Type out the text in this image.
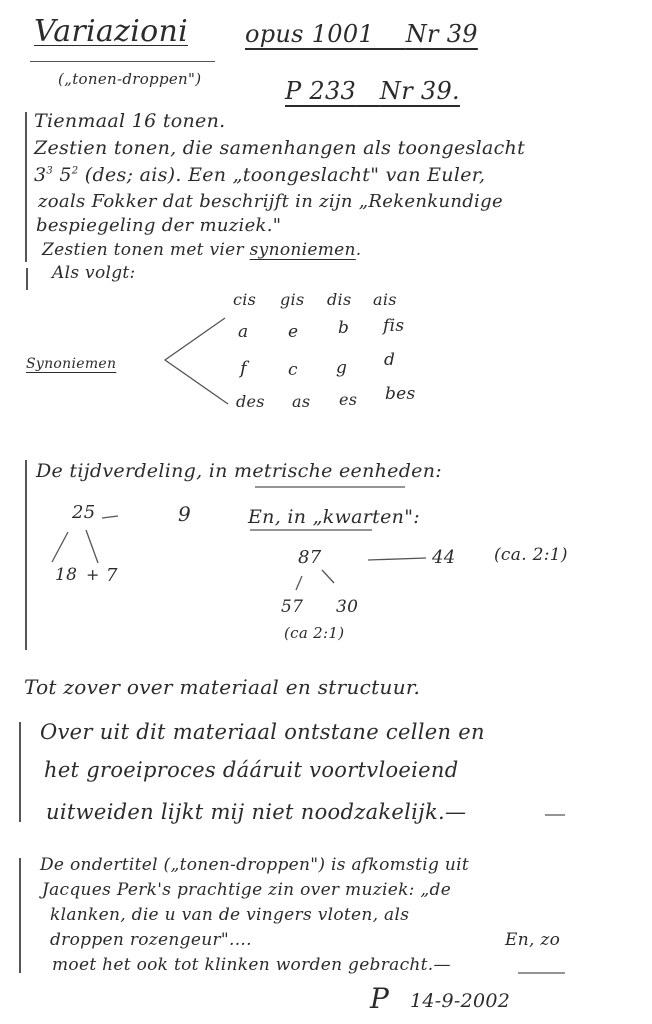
Variazioni
(„tonen-droppen")
opus 1001 Nr 39
P 233 Nr 39.
Tienmaal 16 tonen.
Zestien tonen, die samenhangen als toongeslacht
$3^3$ $5^2$ (des; ais). Een „toongeslacht" van Euler,
zoals Fokker dat beschrijft in zijn „Rekenkundige
bespiegeling der muziek."
Zestien tonen met vier synoniemen.
Als volgt:
Synoniemen
cis gis dis ais
a e b fis
f c g d
des as es bes
De tijdverdeling, in metrische eenheden:
25	9
18 + 7
En, in „kwarten":
87	44 (ca. 2:1)
57 30
(ca 2:1)
Tot zover over materiaal en structuur.
Over uit dit materiaal ontstane cellen en
het groeiproces dááruit voortvloeiend
uitweiden lijkt mij niet noodzakelijk.—
De ondertitel („tonen-droppen") is afkomstig uit
Jacques Perk's prachtige zin over muziek: „de
klanken, die u van de vingers vloten, als
droppen rozengeur"....	En, zo
moet het ook tot klinken worden gebracht.—
P 14-9-2002
